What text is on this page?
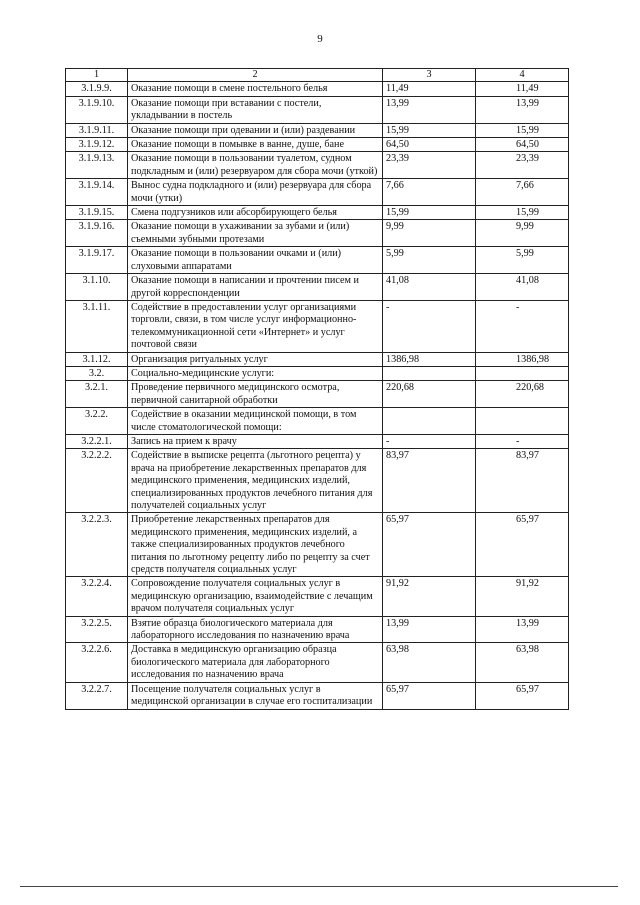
9
1	2	3	4
3.1.9.9.	Оказание помощи в смене постельного белья	11,49	11,49
3.1.9.10.	Оказание помощи при вставании с постели, укладывании в постель	13,99	13,99
3.1.9.11.	Оказание помощи при одевании и (или) раздевании	15,99	15,99
3.1.9.12.	Оказание помощи в помывке в ванне, душе, бане	64,50	64,50
3.1.9.13.	Оказание помощи в пользовании туалетом, судном подкладным и (или) резервуаром для сбора мочи (уткой)	23,39	23,39
3.1.9.14.	Вынос судна подкладного и (или) резервуара для сбора мочи (утки)	7,66	7,66
3.1.9.15.	Смена подгузников или абсорбирующего белья	15,99	15,99
3.1.9.16.	Оказание помощи в ухаживании за зубами и (или) съемными зубными протезами	9,99	9,99
3.1.9.17.	Оказание помощи в пользовании очками и (или) слуховыми аппаратами	5,99	5,99
3.1.10.	Оказание помощи в написании и прочтении писем и другой корреспонденции	41,08	41,08
3.1.11.	Содействие в предоставлении услуг организациями торговли, связи, в том числе услуг информационно-телекоммуникационной сети «Интернет» и услуг почтовой связи	-	-
3.1.12.	Организация ритуальных услуг	1386,98	1386,98
3.2.	Социально-медицинские услуги:		
3.2.1.	Проведение первичного медицинского осмотра, первичной санитарной обработки	220,68	220,68
3.2.2.	Содействие в оказании медицинской помощи, в том числе стоматологической помощи:		
3.2.2.1.	Запись на прием к врачу	-	-
3.2.2.2.	Содействие в выписке рецепта (льготного рецепта) у врача на приобретение лекарственных препаратов для медицинского применения, медицинских изделий, специализированных продуктов лечебного питания для получателей социальных услуг	83,97	83,97
3.2.2.3.	Приобретение лекарственных препаратов для медицинского применения, медицинских изделий, а также специализированных продуктов лечебного питания по льготному рецепту либо по рецепту за счет средств получателя социальных услуг	65,97	65,97
3.2.2.4.	Сопровождение получателя социальных услуг в медицинскую организацию, взаимодействие с лечащим врачом получателя социальных услуг	91,92	91,92
3.2.2.5.	Взятие образца биологического материала для лабораторного исследования по назначению врача	13,99	13,99
3.2.2.6.	Доставка в медицинскую организацию образца биологического материала для лабораторного исследования по назначению врача	63,98	63,98
3.2.2.7.	Посещение получателя социальных услуг в медицинской организации в случае его госпитализации	65,97	65,97
